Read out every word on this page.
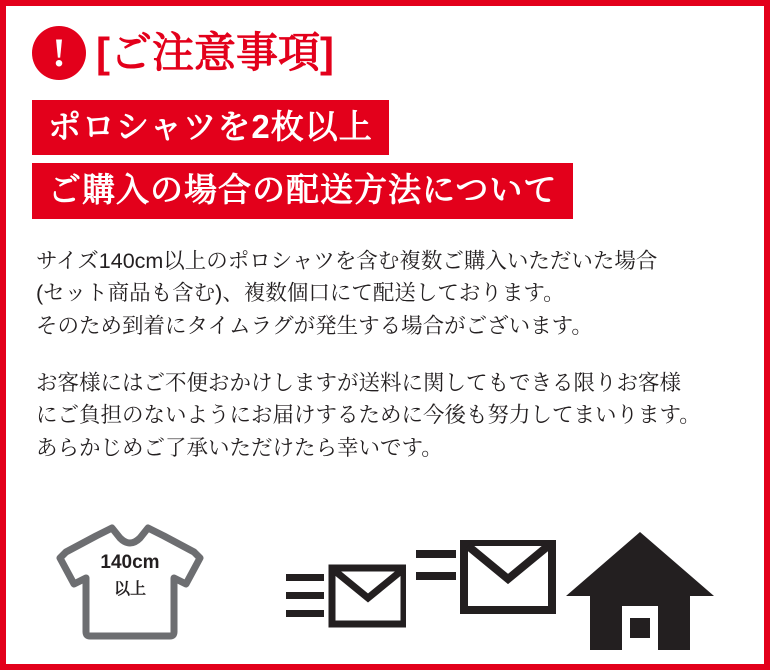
! [ご注意事項]
ポロシャツを2枚以上 ご購入の場合の配送方法について
サイズ140cm以上のポロシャツを含む複数ご購入いただいた場合
(セット商品も含む)、複数個口にて配送しております。
そのため到着にタイムラグが発生する場合がございます。
お客様にはご不便おかけしますが送料に関してもできる限りお客様
にご負担のないようにお届けするために今後も努力してまいります。
あらかじめご了承いただけたら幸いです。
140cm
以上
